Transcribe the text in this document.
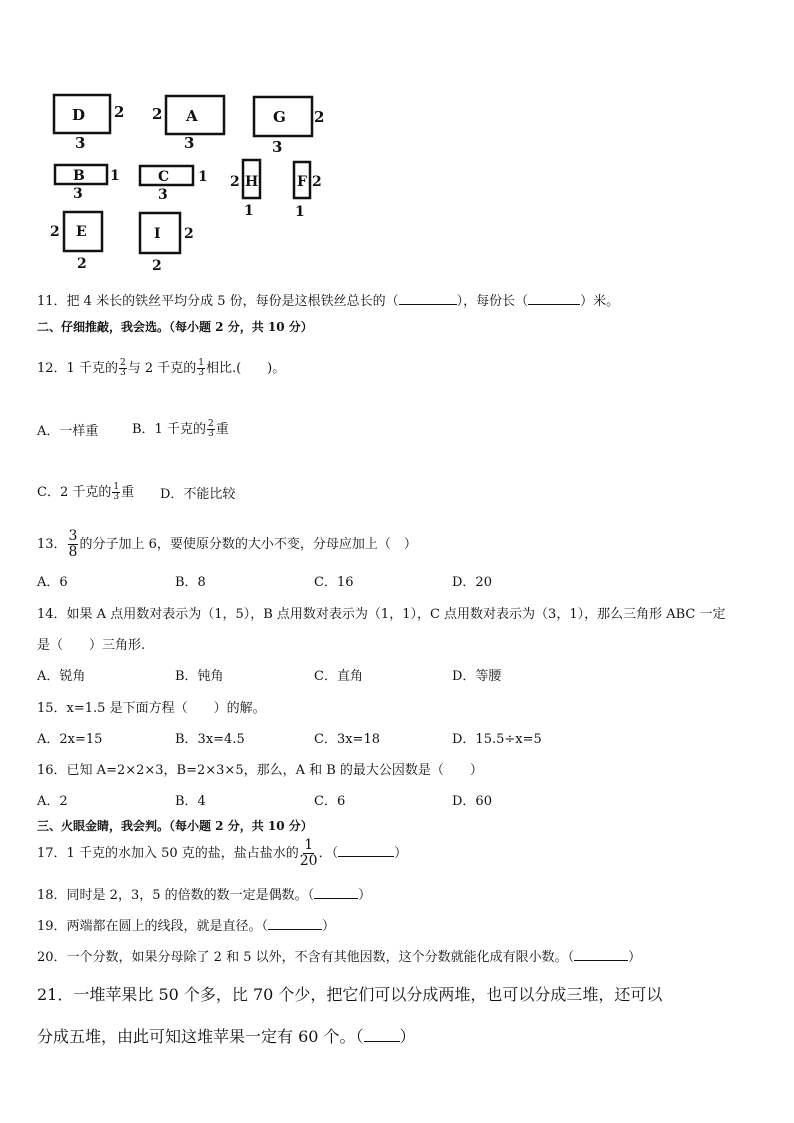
D 2
3
2 A
3
G 2
3
B 1
3
C 1
3
2 H
1
F 2
1
2 E
2
I 2
2
11．把 4 米长的铁丝平均分成 5 份，每份是这根铁丝总长的（	），每份长（	）米。
二、仔细推敲，我会选。（每小题 2 分，共 10 分）
12．1 千克的 $\frac{2}{3}$ 与 2 千克的 $\frac{1}{3}$ 相比.(　　)。
A．一样重	B．1 千克的 $\frac{2}{3}$ 重
C．2 千克的 $\frac{1}{3}$ 重 D．不能比较
13． $\frac{3}{8}$ 的分子加上 6，要使原分数的大小不变，分母应加上（　）
A．6	B．8	C．16	D．20
14．如果 A 点用数对表示为（1，5），B 点用数对表示为（1，1），C 点用数对表示为（3，1），那么三角形 ABC 一定
是（　　）三角形.
A．锐角	B．钝角	C．直角	D．等腰
15．x=1.5 是下面方程（　　）的解。
A．2x=15	B．3x=4.5	C．3x=18	D．15.5÷x=5
16．已知 A=2×2×3，B=2×3×5，那么，A 和 B 的最大公因数是（　　）
A．2	B．4	C．6	D．60
三、火眼金睛，我会判。（每小题 2 分，共 10 分）
17．1 千克的水加入 50 克的盐，盐占盐水的 $\frac{1}{20}$ ．（	）
18．同时是 2，3，5 的倍数的数一定是偶数。（	）
19．两端都在圆上的线段，就是直径。（	）
20．一个分数，如果分母除了 2 和 5 以外，不含有其他因数，这个分数就能化成有限小数。（	）
21．一堆苹果比 50 个多，比 70 个少，把它们可以分成两堆，也可以分成三堆，还可以
分成五堆，由此可知这堆苹果一定有 60 个。（ ）
